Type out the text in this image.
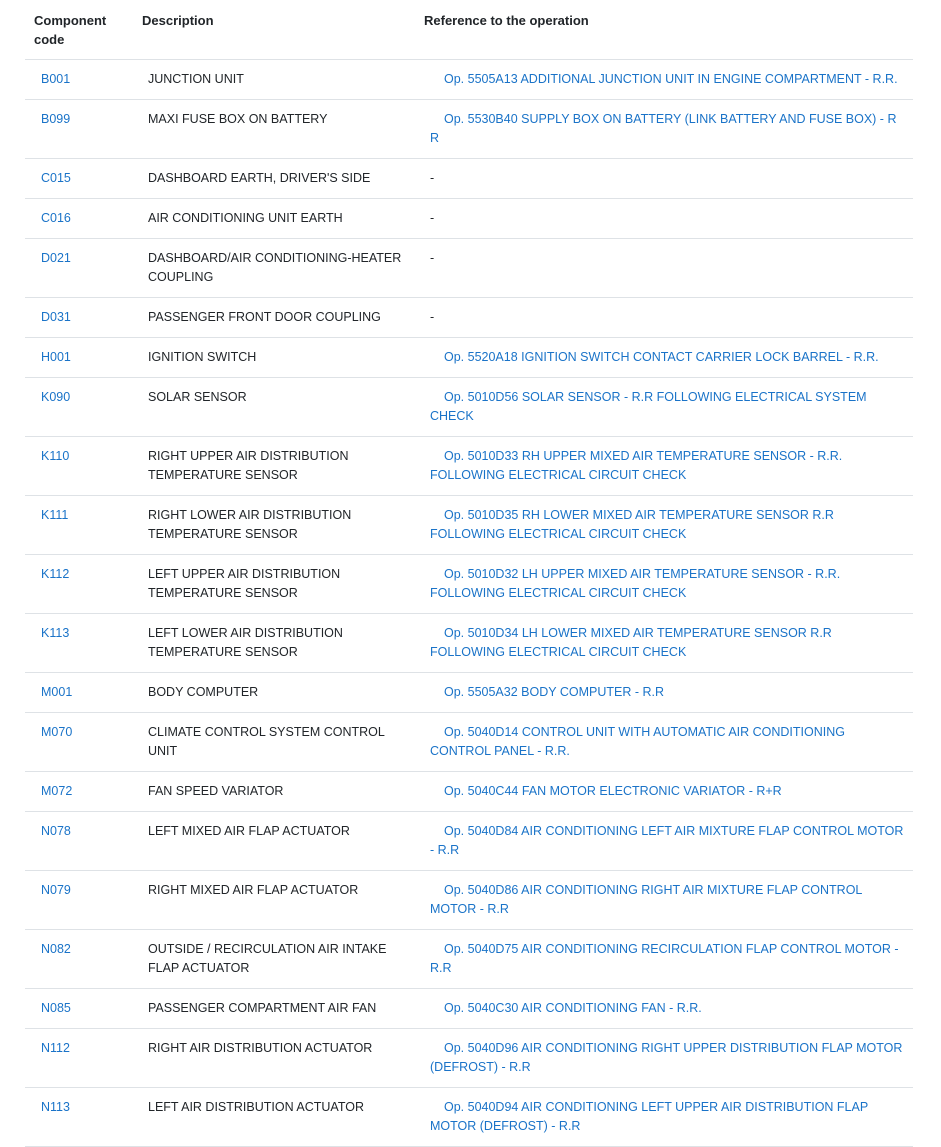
Component code	Description	Reference to the operation
B001	JUNCTION UNIT	Op. 5505A13 ADDITIONAL JUNCTION UNIT IN ENGINE COMPARTMENT - R.R.
B099	MAXI FUSE BOX ON BATTERY	Op. 5530B40 SUPPLY BOX ON BATTERY (LINK BATTERY AND FUSE BOX) - R R
C015	DASHBOARD EARTH, DRIVER'S SIDE	-
C016	AIR CONDITIONING UNIT EARTH	-
D021	DASHBOARD/AIR CONDITIONING-HEATER COUPLING	-
D031	PASSENGER FRONT DOOR COUPLING	-
H001	IGNITION SWITCH	Op. 5520A18 IGNITION SWITCH CONTACT CARRIER LOCK BARREL - R.R.
K090	SOLAR SENSOR	Op. 5010D56 SOLAR SENSOR - R.R FOLLOWING ELECTRICAL SYSTEM CHECK
K110	RIGHT UPPER AIR DISTRIBUTION TEMPERATURE SENSOR	Op. 5010D33 RH UPPER MIXED AIR TEMPERATURE SENSOR - R.R. FOLLOWING ELECTRICAL CIRCUIT CHECK
K111	RIGHT LOWER AIR DISTRIBUTION TEMPERATURE SENSOR	Op. 5010D35 RH LOWER MIXED AIR TEMPERATURE SENSOR R.R FOLLOWING ELECTRICAL CIRCUIT CHECK
K112	LEFT UPPER AIR DISTRIBUTION TEMPERATURE SENSOR	Op. 5010D32 LH UPPER MIXED AIR TEMPERATURE SENSOR - R.R. FOLLOWING ELECTRICAL CIRCUIT CHECK
K113	LEFT LOWER AIR DISTRIBUTION TEMPERATURE SENSOR	Op. 5010D34 LH LOWER MIXED AIR TEMPERATURE SENSOR R.R FOLLOWING ELECTRICAL CIRCUIT CHECK
M001	BODY COMPUTER	Op. 5505A32 BODY COMPUTER - R.R
M070	CLIMATE CONTROL SYSTEM CONTROL UNIT	Op. 5040D14 CONTROL UNIT WITH AUTOMATIC AIR CONDITIONING CONTROL PANEL - R.R.
M072	FAN SPEED VARIATOR	Op. 5040C44 FAN MOTOR ELECTRONIC VARIATOR - R+R
N078	LEFT MIXED AIR FLAP ACTUATOR	Op. 5040D84 AIR CONDITIONING LEFT AIR MIXTURE FLAP CONTROL MOTOR - R.R
N079	RIGHT MIXED AIR FLAP ACTUATOR	Op. 5040D86 AIR CONDITIONING RIGHT AIR MIXTURE FLAP CONTROL MOTOR - R.R
N082	OUTSIDE / RECIRCULATION AIR INTAKE FLAP ACTUATOR	Op. 5040D75 AIR CONDITIONING RECIRCULATION FLAP CONTROL MOTOR - R.R
N085	PASSENGER COMPARTMENT AIR FAN	Op. 5040C30 AIR CONDITIONING FAN - R.R.
N112	RIGHT AIR DISTRIBUTION ACTUATOR	Op. 5040D96 AIR CONDITIONING RIGHT UPPER DISTRIBUTION FLAP MOTOR (DEFROST) - R.R
N113	LEFT AIR DISTRIBUTION ACTUATOR	Op. 5040D94 AIR CONDITIONING LEFT UPPER AIR DISTRIBUTION FLAP MOTOR (DEFROST) - R.R
